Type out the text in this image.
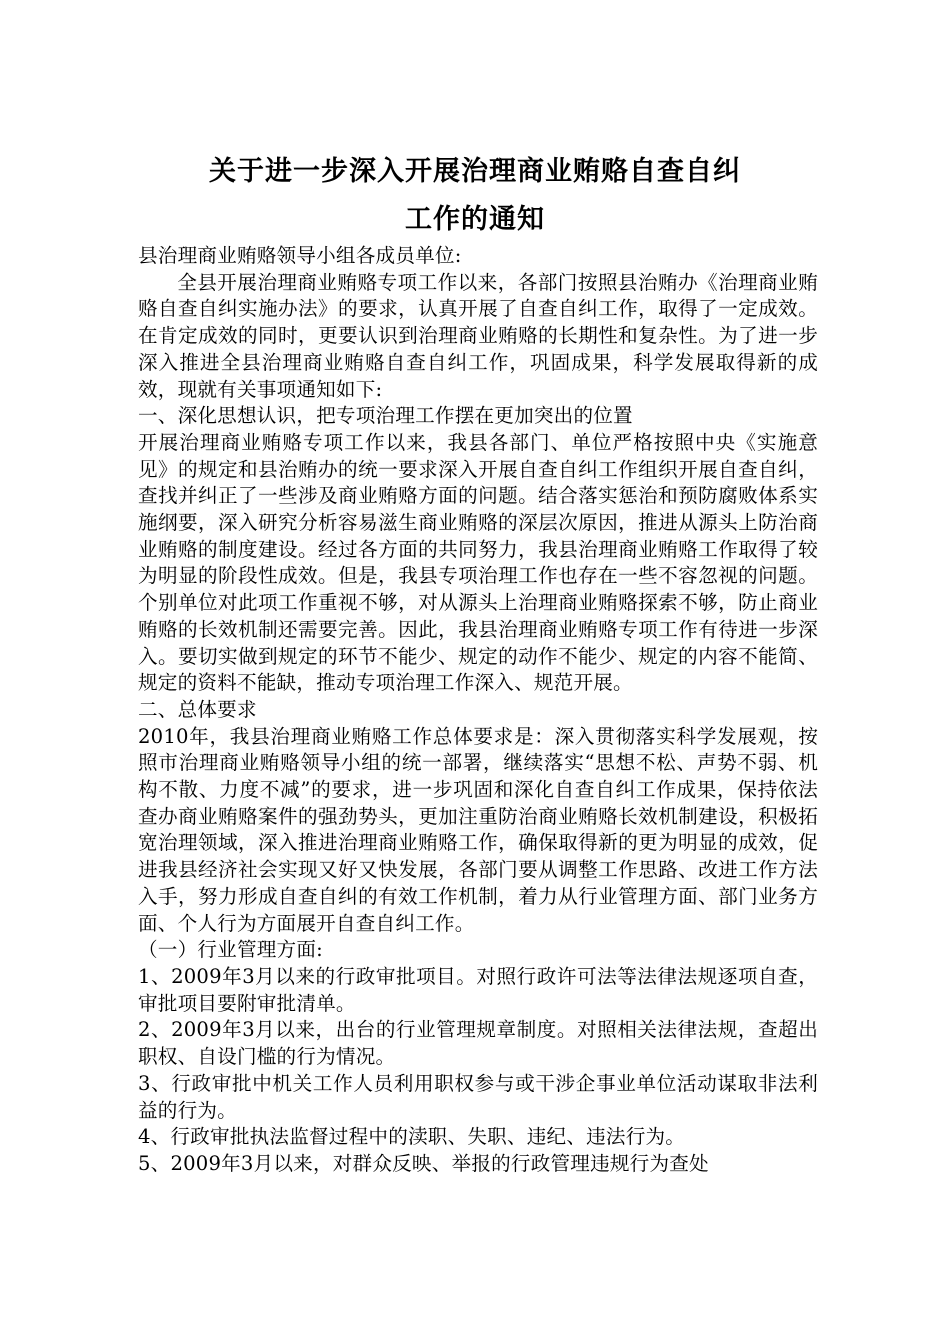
关于进一步深入开展治理商业贿赂自查自纠
工作的通知

县治理商业贿赂领导小组各成员单位:

全县开展治理商业贿赂专项工作以来，各部门按照县治贿办《治理商业贿赂自查自纠实施办法》的要求，认真开展了自查自纠工作，取得了一定成效。在肯定成效的同时，更要认识到治理商业贿赂的长期性和复杂性。为了进一步深入推进全县治理商业贿赂自查自纠工作，巩固成果，科学发展取得新的成效，现就有关事项通知如下:

一、深化思想认识，把专项治理工作摆在更加突出的位置

开展治理商业贿赂专项工作以来，我县各部门、单位严格按照中央《实施意见》的规定和县治贿办的统一要求深入开展自查自纠工作组织开展自查自纠，查找并纠正了一些涉及商业贿赂方面的问题。结合落实惩治和预防腐败体系实施纲要，深入研究分析容易滋生商业贿赂的深层次原因，推进从源头上防治商业贿赂的制度建设。经过各方面的共同努力，我县治理商业贿赂工作取得了较为明显的阶段性成效。但是，我县专项治理工作也存在一些不容忽视的问题。个别单位对此项工作重视不够，对从源头上治理商业贿赂探索不够，防止商业贿赂的长效机制还需要完善。因此，我县治理商业贿赂专项工作有待进一步深入。要切实做到规定的环节不能少、规定的动作不能少、规定的内容不能简、规定的资料不能缺，推动专项治理工作深入、规范开展。

二、总体要求

2010年，我县治理商业贿赂工作总体要求是：深入贯彻落实科学发展观，按照市治理商业贿赂领导小组的统一部署，继续落实“思想不松、声势不弱、机构不散、力度不减”的要求，进一步巩固和深化自查自纠工作成果，保持依法查办商业贿赂案件的强劲势头，更加注重防治商业贿赂长效机制建设，积极拓宽治理领域，深入推进治理商业贿赂工作，确保取得新的更为明显的成效，促进我县经济社会实现又好又快发展，各部门要从调整工作思路、改进工作方法入手，努力形成自查自纠的有效工作机制，着力从行业管理方面、部门业务方面、个人行为方面展开自查自纠工作。

（一）行业管理方面:

1、2009年3月以来的行政审批项目。对照行政许可法等法律法规逐项自查，审批项目要附审批清单。

2、2009年3月以来，出台的行业管理规章制度。对照相关法律法规，查超出职权、自设门槛的行为情况。

3、行政审批中机关工作人员利用职权参与或干涉企事业单位活动谋取非法利益的行为。

4、行政审批执法监督过程中的渎职、失职、违纪、违法行为。

5、2009年3月以来，对群众反映、举报的行政管理违规行为查处
